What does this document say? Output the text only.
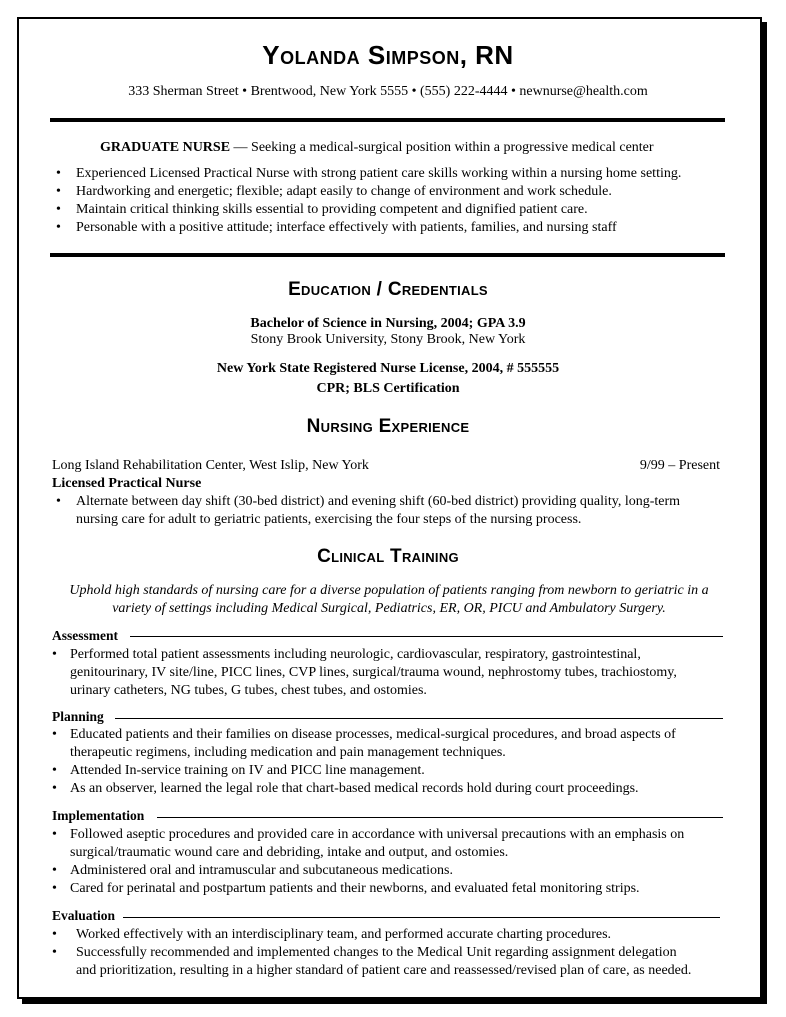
Yolanda Simpson, RN
333 Sherman Street • Brentwood, New York 5555 • (555) 222-4444 • newnurse@health.com
GRADUATE NURSE — Seeking a medical-surgical position within a progressive medical center
• Experienced Licensed Practical Nurse with strong patient care skills working within a nursing home setting.
• Hardworking and energetic; flexible; adapt easily to change of environment and work schedule.
• Maintain critical thinking skills essential to providing competent and dignified patient care.
• Personable with a positive attitude; interface effectively with patients, families, and nursing staff
Education / Credentials
Bachelor of Science in Nursing, 2004; GPA 3.9
Stony Brook University, Stony Brook, New York
New York State Registered Nurse License, 2004, # 555555
CPR; BLS Certification
Nursing Experience
Long Island Rehabilitation Center, West Islip, New York	9/99 – Present
Licensed Practical Nurse
• Alternate between day shift (30-bed district) and evening shift (60-bed district) providing quality, long-term
nursing care for adult to geriatric patients, exercising the four steps of the nursing process.
Clinical Training
Uphold high standards of nursing care for a diverse population of patients ranging from newborn to geriatric in a
variety of settings including Medical Surgical, Pediatrics, ER, OR, PICU and Ambulatory Surgery.
Assessment
• Performed total patient assessments including neurologic, cardiovascular, respiratory, gastrointestinal,
genitourinary, IV site/line, PICC lines, CVP lines, surgical/trauma wound, nephrostomy tubes, trachiostomy,
urinary catheters, NG tubes, G tubes, chest tubes, and ostomies.
Planning
• Educated patients and their families on disease processes, medical-surgical procedures, and broad aspects of
therapeutic regimens, including medication and pain management techniques.
• Attended In-service training on IV and PICC line management.
• As an observer, learned the legal role that chart-based medical records hold during court proceedings.
Implementation
• Followed aseptic procedures and provided care in accordance with universal precautions with an emphasis on
surgical/traumatic wound care and debriding, intake and output, and ostomies.
• Administered oral and intramuscular and subcutaneous medications.
• Cared for perinatal and postpartum patients and their newborns, and evaluated fetal monitoring strips.
Evaluation
• Worked effectively with an interdisciplinary team, and performed accurate charting procedures.
• Successfully recommended and implemented changes to the Medical Unit regarding assignment delegation
and prioritization, resulting in a higher standard of patient care and reassessed/revised plan of care, as needed.
